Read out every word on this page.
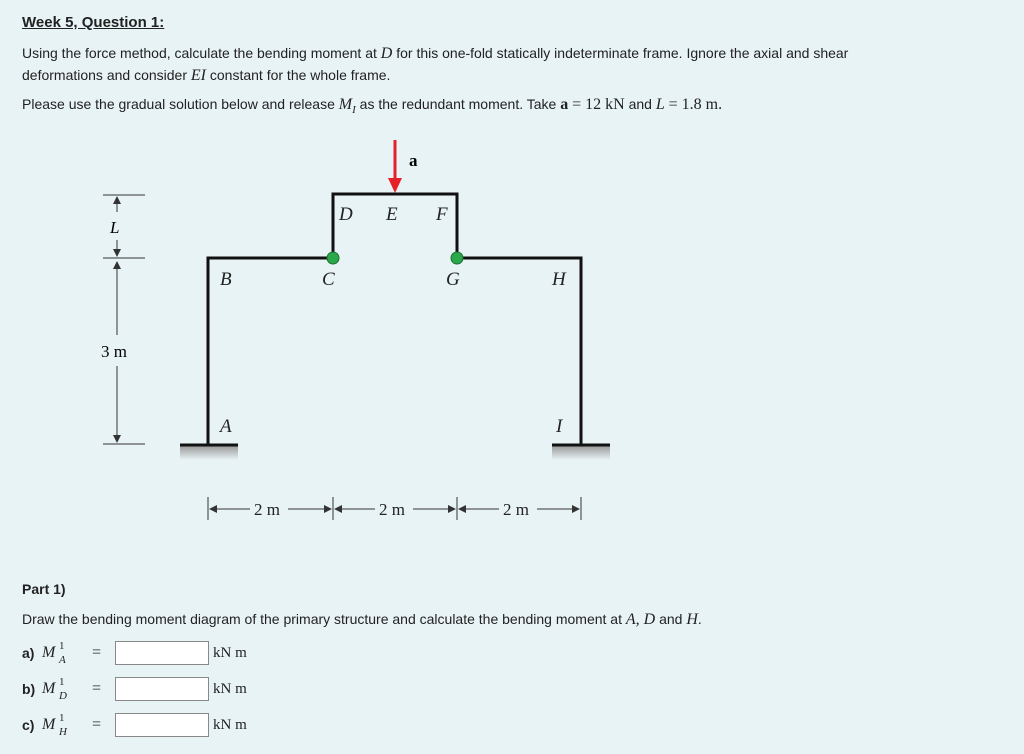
Week 5, Question 1:
Using the force method, calculate the bending moment at D for this one-fold statically indeterminate frame. Ignore the axial and shear
deformations and consider EI constant for the whole frame.
Please use the gradual solution below and release $M_I$ as the redundant moment. Take a = 12 kN and L = 1.8 m.
a
D E F
B	C	G	H
A	I
L
3 m
2 m	2 m	2 m
Part 1)
Draw the bending moment diagram of the primary structure and calculate the bending moment at A, D and H.
a) M 1
A =	kN m
b) M 1
D =	kN m
c) M 1
H =	kN m
